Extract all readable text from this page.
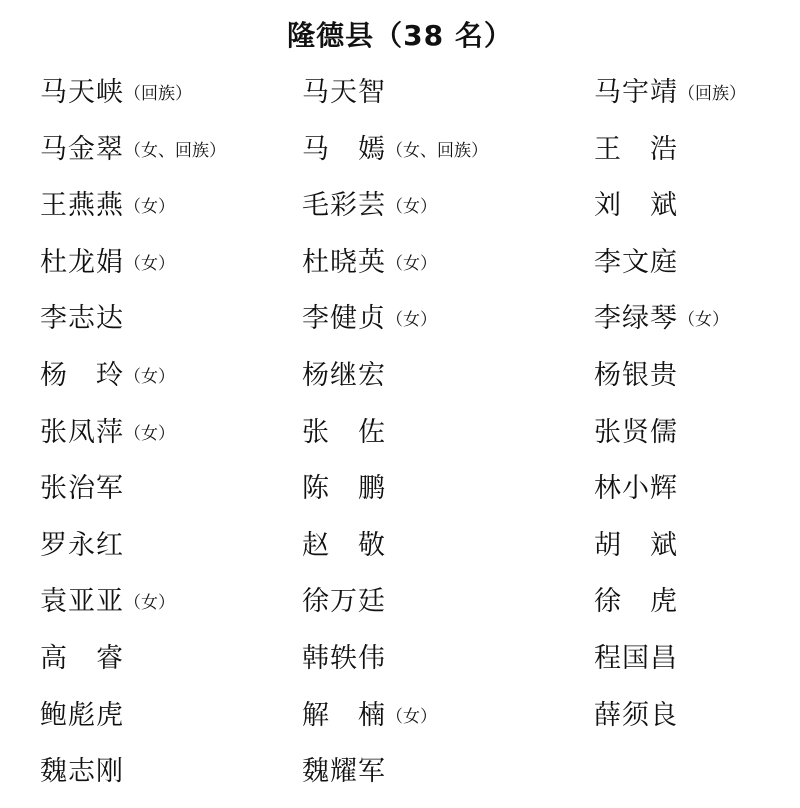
隆德县（38 名）
马天峡（回族）	马天智	马宇靖（回族）
马金翠（女、回族）	马　嫣（女、回族）	王　浩
王燕燕（女）	毛彩芸（女）	刘　斌
杜龙娟（女）	杜晓英（女）	李文庭
李志达	李健贞（女）	李绿琴（女）
杨　玲（女）	杨继宏	杨银贵
张凤萍（女）	张　佐	张贤儒
张治军	陈　鹏	林小辉
罗永红	赵　敬	胡　斌
袁亚亚（女）	徐万廷	徐　虎
高　睿	韩轶伟	程国昌
鲍彪虎	解　楠（女）	薛须良
魏志刚	魏耀军
